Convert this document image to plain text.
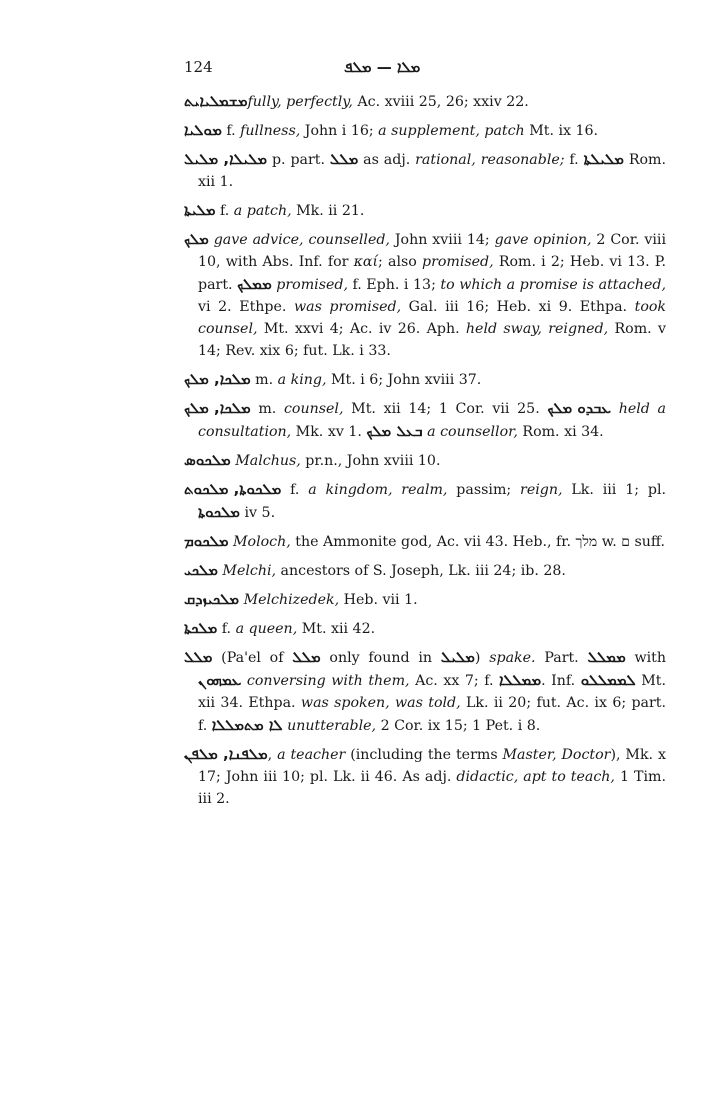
124	ܡܠܐ — ܡܠܦ

ܡܫܡܠܝܐܝܬfully, perfectly, Ac. xviii 25, 26; xxiv 22.

ܡܘܠܝܐ f. fullness, John i 16; a supplement, patch Mt. ix 16.

ܡܠܝܠܐ, ܡܠܝܠ p. part. ܡܠܠ as adj. rational, reasonable; f. ܡܠܝܠܬܐ Rom. xii 1.

ܡܠܝܬܐ f. a patch, Mk. ii 21.

ܡܠܟ gave advice, counselled, John xviii 14; gave opinion, 2 Cor. viii 10, with Abs. Inf. for καί; also promised, Rom. i 2; Heb. vi 13. P. part. ܡܡܠܟ promised, f. Eph. i 13; to which a promise is attached, vi 2. Ethpe. was promised, Gal. iii 16; Heb. xi 9. Ethpa. took counsel, Mt. xxvi 4; Ac. iv 26. Aph. held sway, reigned, Rom. v 14; Rev. xix 6; fut. Lk. i 33.

ܡܠܟܐ, ܡܠܟ m. a king, Mt. i 6; John xviii 37.

ܡܠܟܐ, ܡܠܟ m. counsel, Mt. xii 14; 1 Cor. vii 25. ܥܒܕܘ ܡܠܟ held a consultation, Mk. xv 1. ܒܥܠ ܡܠܟ a counsellor, Rom. xi 34.

ܡܠܟܘܣ Malchus, pr.n., John xviii 10.

ܡܠܟܘܬܐ, ܡܠܟܘܬ f. a kingdom, realm, passim; reign, Lk. iii 1; pl. ܡܠܟܘܬܐ iv 5.

ܡܠܟܘܡ Moloch, the Ammonite god, Ac. vii 43. Heb., fr. מלך w. ם suff.

ܡܠܟܝ Melchi, ancestors of S. Joseph, Lk. iii 24; ib. 28.

ܡܠܟܝܙܕܩ Melchizedek, Heb. vii 1.

ܡܠܟܬܐ f. a queen, Mt. xii 42.

ܡܠܠ (Pa'el of ܡܠܠ only found in ܡܠܝܠ) spake. Part. ܡܡܠܠ with ܥܡܗܘܢ conversing with them, Ac. xx 7; f. ܡܡܠܠܐ. Inf. ܠܡܡܠܠܘ Mt. xii 34. Ethpa. was spoken, was told, Lk. ii 20; fut. Ac. ix 6; part. f. ܠܐ ܡܬܡܠܠܐ unutterable, 2 Cor. ix 15; 1 Pet. i 8.

ܡܠܦܢܐ, ܡܠܦܢ, a teacher (including the terms Master, Doctor), Mk. x 17; John iii 10; pl. Lk. ii 46. As adj. didactic, apt to teach, 1 Tim. iii 2.
